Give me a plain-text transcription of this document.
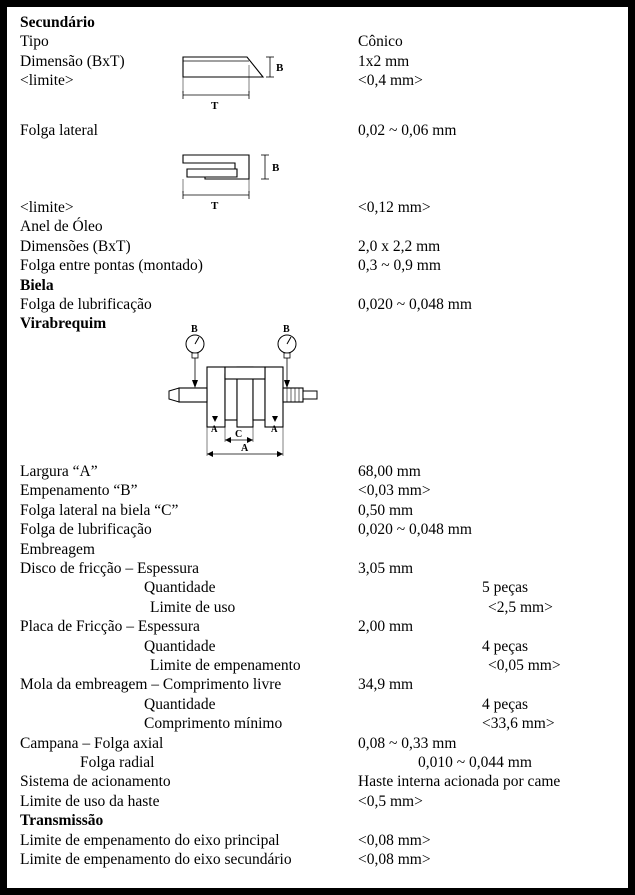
B
T
B
T
B	B
A	A
C
A
Secundário
Tipo	Cônico
Dimensão (BxT)	1x2 mm
<limite>	<0,4 mm>
Folga lateral	0,02 ~ 0,06 mm
<limite>	<0,12 mm>
Anel de Óleo
Dimensões (BxT)	2,0 x 2,2 mm
Folga entre pontas (montado)	0,3 ~ 0,9 mm
Biela
Folga de lubrificação	0,020 ~ 0,048 mm
Virabrequim
Largura “A”	68,00 mm
Empenamento “B”	<0,03 mm>
Folga lateral na biela “C”	0,50 mm
Folga de lubrificação	0,020 ~ 0,048 mm
Embreagem
Disco de fricção – Espessura	3,05 mm
Quantidade	5 peças
Limite de uso	<2,5 mm>
Placa de Fricção – Espessura	2,00 mm
Quantidade	4 peças
Limite de empenamento	<0,05 mm>
Mola da embreagem – Comprimento livre	34,9 mm
Quantidade	4 peças
Comprimento mínimo	<33,6 mm>
Campana – Folga axial	0,08 ~ 0,33 mm
Folga radial	0,010 ~ 0,044 mm
Sistema de acionamento	Haste interna acionada por came
Limite de uso da haste	<0,5 mm>
Transmissão
Limite de empenamento do eixo principal	<0,08 mm>
Limite de empenamento do eixo secundário	<0,08 mm>
